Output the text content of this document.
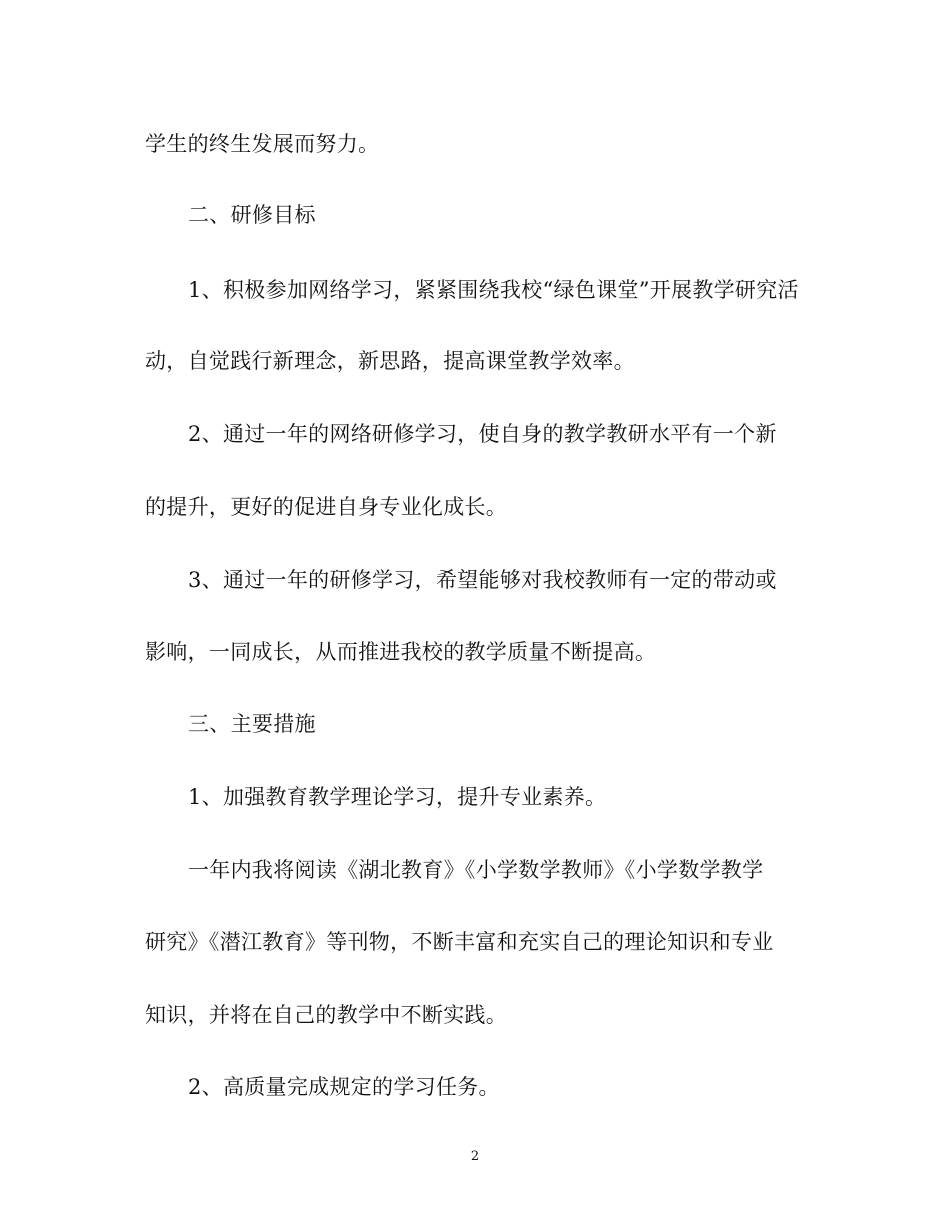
学生的终生发展而努力。
二、研修目标
1、积极参加网络学习，紧紧围绕我校“绿色课堂”开展教学研究活
动，自觉践行新理念，新思路，提高课堂教学效率。
2、通过一年的网络研修学习，使自身的教学教研水平有一个新
的提升，更好的促进自身专业化成长。
3、通过一年的研修学习，希望能够对我校教师有一定的带动或
影响，一同成长，从而推进我校的教学质量不断提高。
三、主要措施
1、加强教育教学理论学习，提升专业素养。
一年内我将阅读《湖北教育》《小学数学教师》《小学数学教学
研究》《潜江教育》等刊物，不断丰富和充实自己的理论知识和专业
知识，并将在自己的教学中不断实践。
2、高质量完成规定的学习任务。
2
